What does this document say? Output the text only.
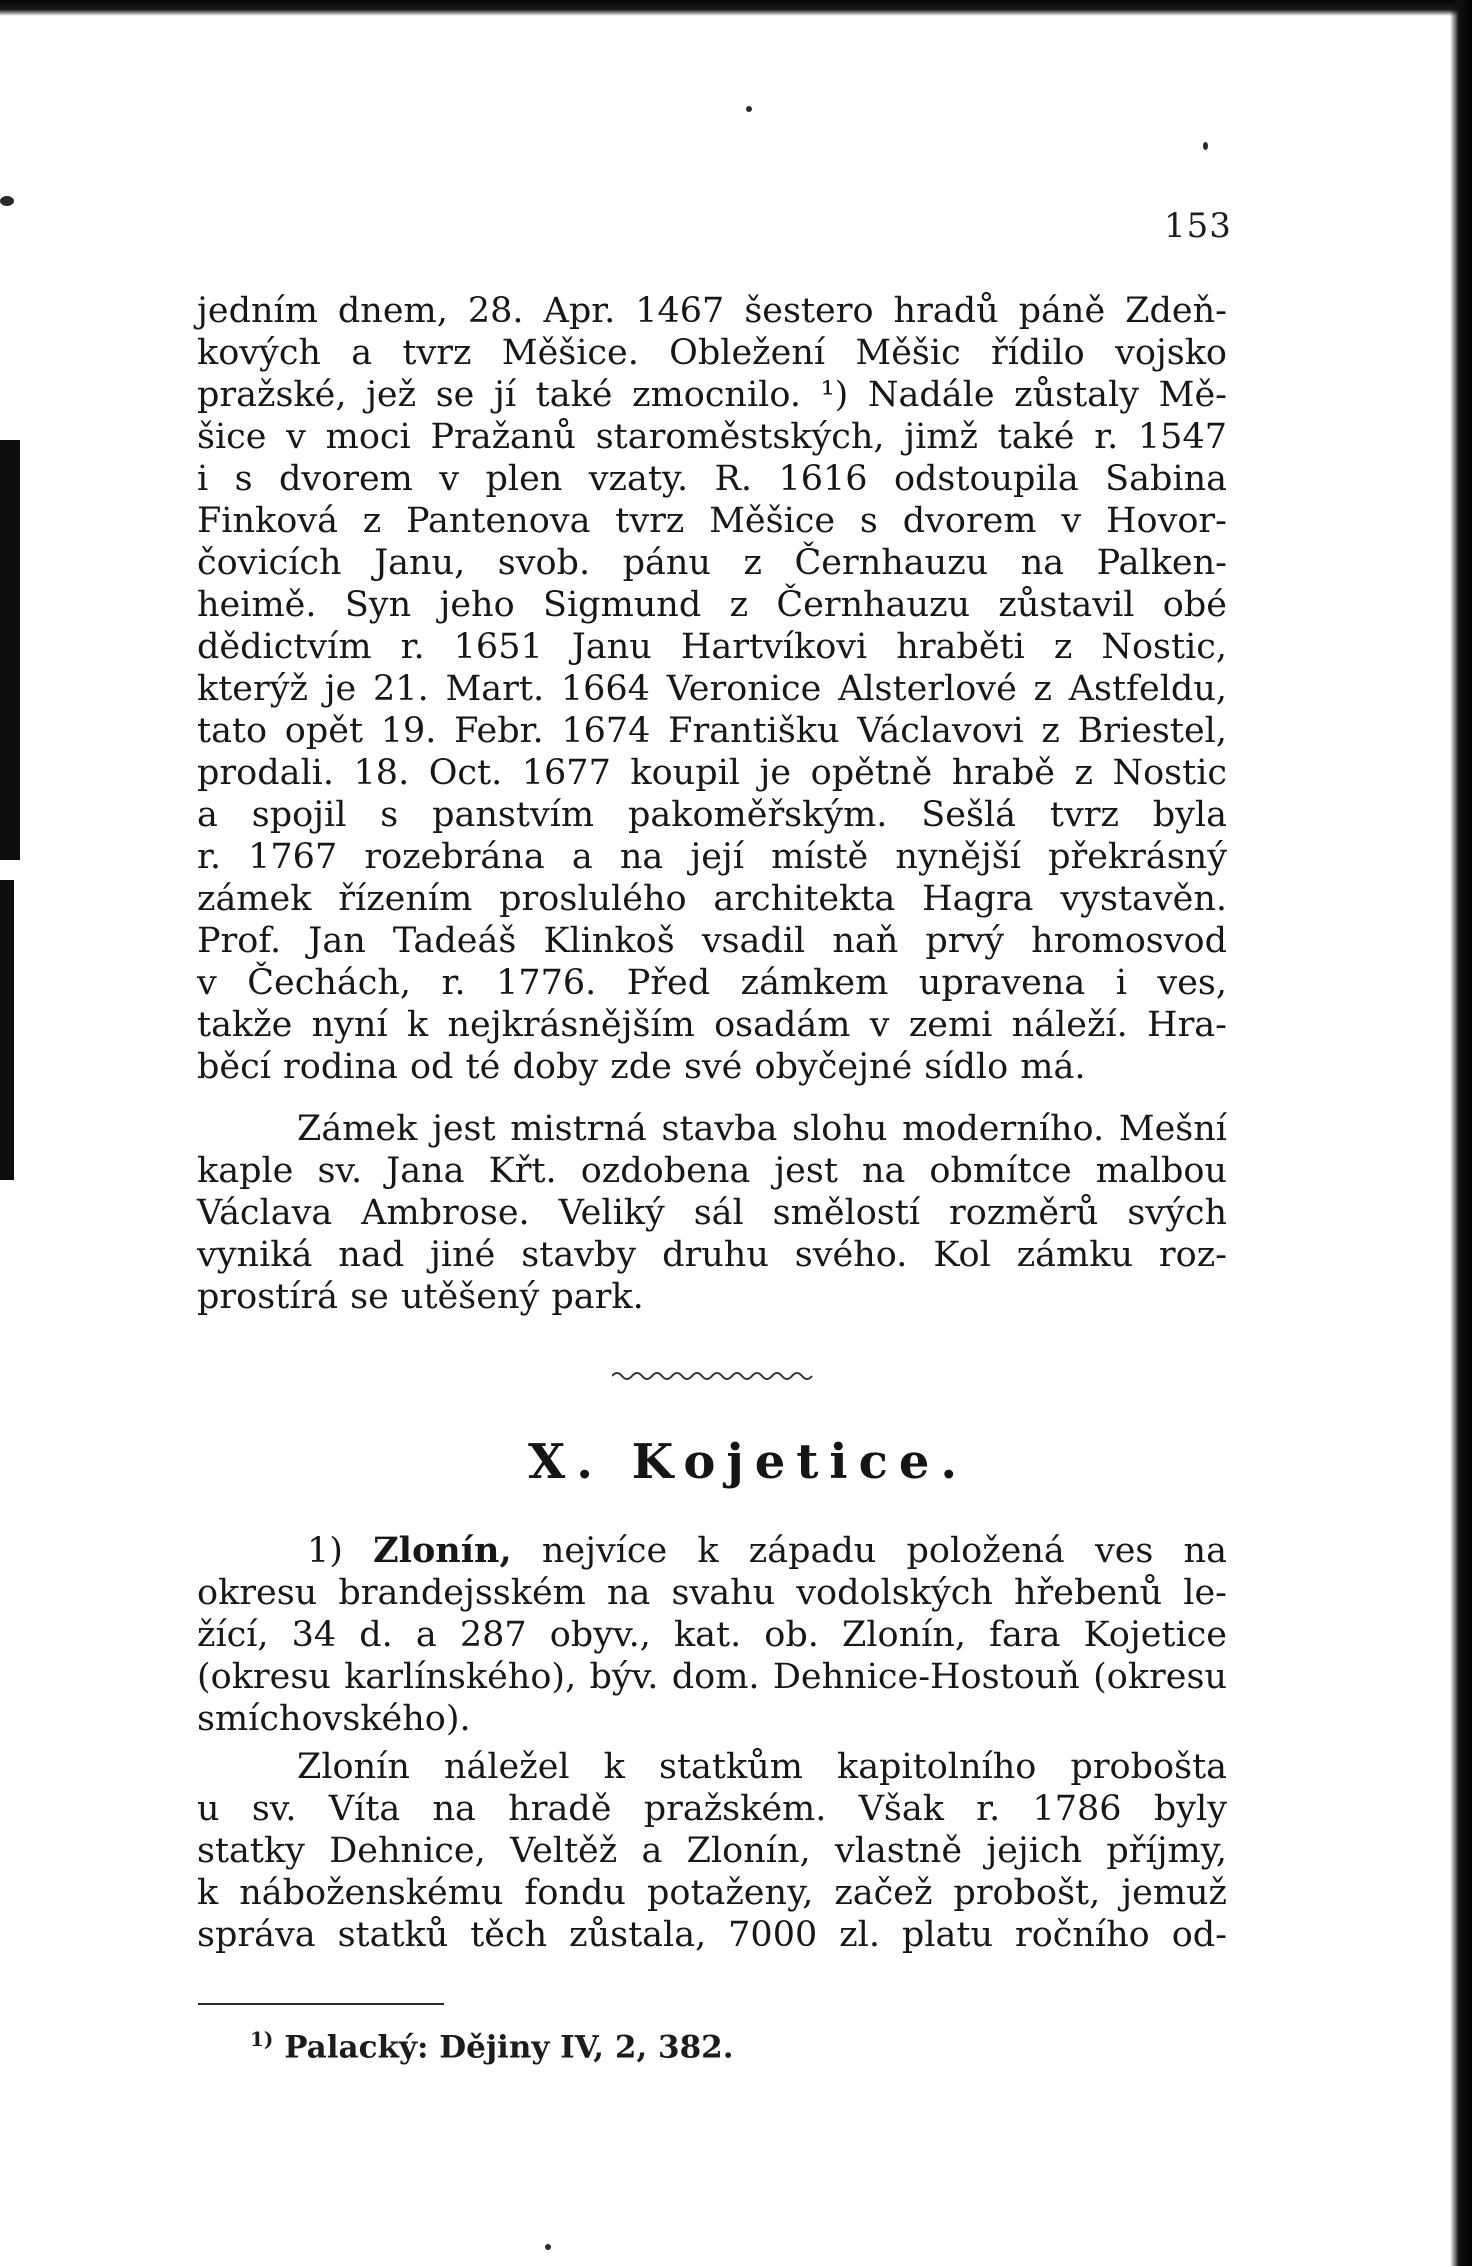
153
jedním dnem, 28. Apr. 1467 šestero hradů páně Zdeň-
kových a tvrz Měšice. Obležení Měšic řídilo vojsko
pražské, jež se jí také zmocnilo. ¹) Nadále zůstaly Mě-
šice v moci Pražanů staroměstských, jimž také r. 1547
i s dvorem v plen vzaty. R. 1616 odstoupila Sabina
Finková z Pantenova tvrz Měšice s dvorem v Hovor-
čovicích Janu, svob. pánu z Černhauzu na Palken-
heimě. Syn jeho Sigmund z Černhauzu zůstavil obé
dědictvím r. 1651 Janu Hartvíkovi hraběti z Nostic,
kterýž je 21. Mart. 1664 Veronice Alsterlové z Astfeldu,
tato opět 19. Febr. 1674 Františku Václavovi z Briestel,
prodali. 18. Oct. 1677 koupil je opětně hrabě z Nostic
a spojil s panstvím pakoměřským. Sešlá tvrz byla
r. 1767 rozebrána a na její místě nynější překrásný
zámek řízením proslulého architekta Hagra vystavěn.
Prof. Jan Tadeáš Klinkoš vsadil naň prvý hromosvod
v Čechách, r. 1776. Před zámkem upravena i ves,
takže nyní k nejkrásnějším osadám v zemi náleží. Hra-
běcí rodina od té doby zde své obyčejné sídlo má.
Zámek jest mistrná stavba slohu moderního. Mešní
kaple sv. Jana Křt. ozdobena jest na obmítce malbou
Václava Ambrose. Veliký sál smělostí rozměrů svých
vyniká nad jiné stavby druhu svého. Kol zámku roz-
prostírá se utěšený park.
X. Kojetice.
1) Zlonín, nejvíce k západu položená ves na
okresu brandejsském na svahu vodolských hřebenů le-
žící, 34 d. a 287 obyv., kat. ob. Zlonín, fara Kojetice
(okresu karlínského), býv. dom. Dehnice-Hostouň (okresu
smíchovského).
Zlonín náležel k statkům kapitolního proboštа
u sv. Víta na hradě pražském. Však r. 1786 byly
statky Dehnice, Veltěž a Zlonín, vlastně jejich příjmy,
k náboženskému fondu potaženy, začež probošt, jemuž
správa statků těch zůstala, 7000 zl. platu ročního od-
$^{1)}$ Palacký: Dějiny IV, 2, 382.
